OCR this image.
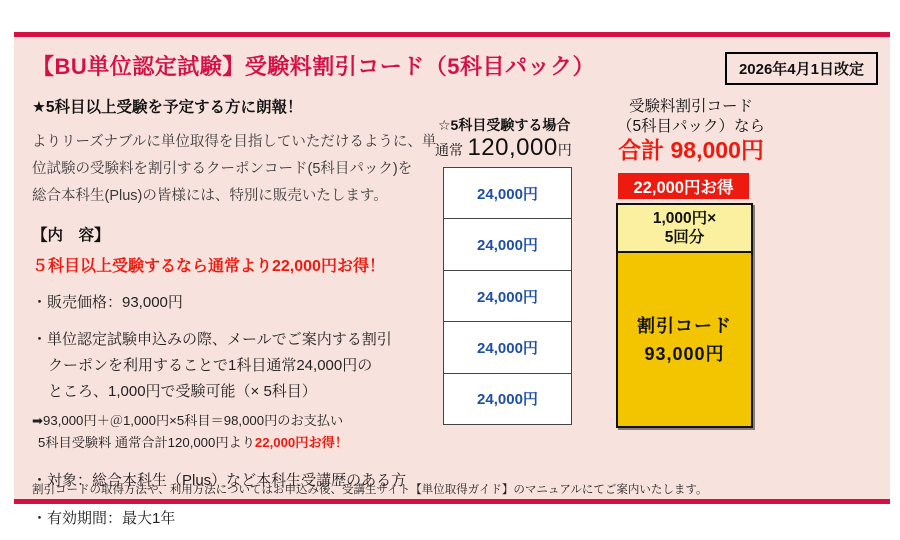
【BU単位認定試験】受験料割引コード（5科目パック）	2026年4月1日改定
★5科目以上受験を予定する方に朗報！
よりリーズナブルに単位取得を目指していただけるように、単
位試験の受験料を割引するクーポンコード(5科目パック)を
総合本科生(Plus)の皆様には、特別に販売いたします。
【内　容】
５科目以上受験するなら通常より22,000円お得！
・販売価格：93,000円
・単位認定試験申込みの際、メールでご案内する割引
クーポンを利用することで1科目通常24,000円の
ところ、1,000円で受験可能（× 5科目）
➡93,000円＋＠1,000円×5科目＝98,000円のお支払い
5科目受験料 通常合計120,000円より22,000円お得！
・対象：総合本科生（Plus）など本科生受講歴のある方
・有効期間：最大1年
☆5科目受験する場合
通常 120,000円
24,000円
24,000円
24,000円
24,000円
24,000円
受験料割引コード
（5科目パック）なら
合計 98,000円
22,000円お得
1,000円×
5回分
割引コード
93,000円
割引コードの取得方法や、利用方法についてはお申込み後、受講生サイト【単位取得ガイド】のマニュアルにてご案内いたします。
